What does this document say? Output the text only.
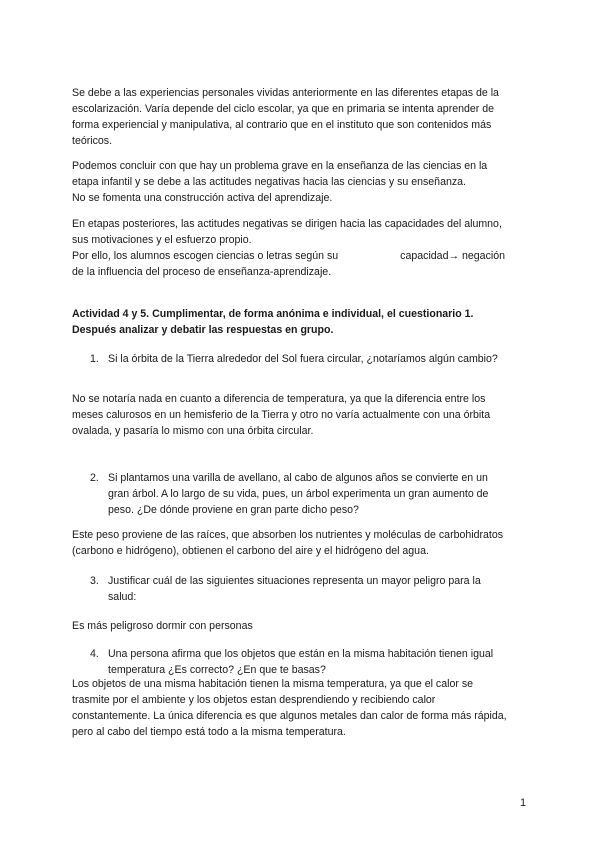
Se debe a las experiencias personales vividas anteriormente en las diferentes etapas de la
escolarización. Varía depende del ciclo escolar, ya que en primaria se intenta aprender de
forma experiencial y manipulativa, al contrario que en el instituto que son contenidos más
teóricos.
Podemos concluir con que hay un problema grave en la enseñanza de las ciencias en la
etapa infantil y se debe a las actitudes negativas hacia las ciencias y su enseñanza.
No se fomenta una construcción activa del aprendizaje.
En etapas posteriores, las actitudes negativas se dirigen hacia las capacidades del alumno,
sus motivaciones y el esfuerzo propio.
Por ello, los alumnos escogen ciencias o letras según su	capacidad→ negación
de la influencia del proceso de enseñanza-aprendizaje.
Actividad 4 y 5. Cumplimentar, de forma anónima e individual, el cuestionario 1.
Después analizar y debatir las respuestas en grupo.
1. Si la órbita de la Tierra alrededor del Sol fuera circular, ¿notaríamos algún cambio?
No se notaría nada en cuanto a diferencia de temperatura, ya que la diferencia entre los
meses calurosos en un hemisferio de la Tierra y otro no varía actualmente con una órbita
ovalada, y pasaría lo mismo con una órbita circular.
2. Si plantamos una varilla de avellano, al cabo de algunos años se convierte en un
gran árbol. A lo largo de su vida, pues, un árbol experimenta un gran aumento de
peso. ¿De dónde proviene en gran parte dicho peso?
Este peso proviene de las raíces, que absorben los nutrientes y moléculas de carbohidratos
(carbono e hidrógeno), obtienen el carbono del aire y el hidrógeno del agua.
3. Justificar cuál de las siguientes situaciones representa un mayor peligro para la
salud:
Es más peligroso dormir con personas
4. Una persona afirma que los objetos que están en la misma habitación tienen igual
temperatura ¿Es correcto? ¿En que te basas?
Los objetos de una misma habitación tienen la misma temperatura, ya que el calor se
trasmite por el ambiente y los objetos estan desprendiendo y recibiendo calor
constantemente. La única diferencia es que algunos metales dan calor de forma más rápida,
pero al cabo del tiempo está todo a la misma temperatura.
1
